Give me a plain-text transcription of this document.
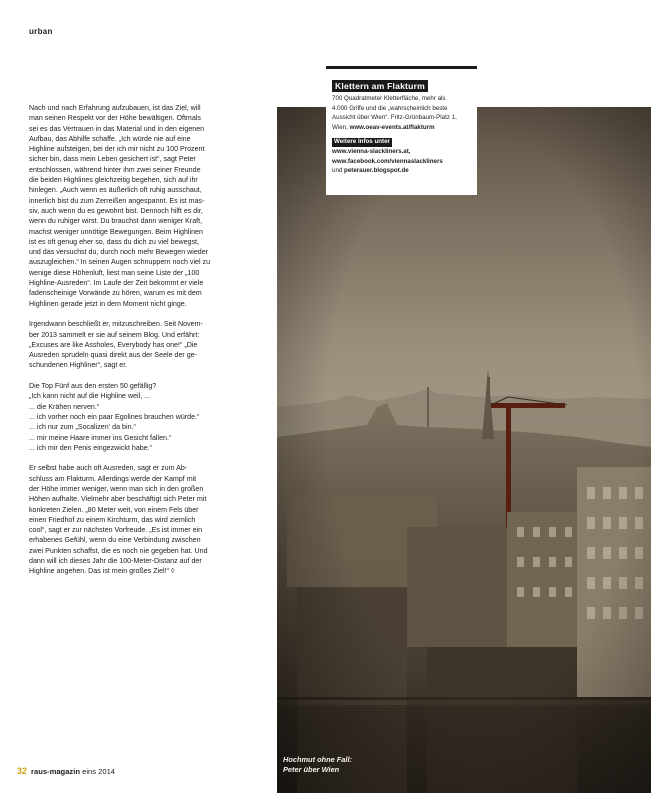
urban

Nach und nach Erfahrung aufzubauen, ist das Ziel, will
man seinen Respekt vor der Höhe bewältigen. Oftmals
sei es das Vertrauen in das Material und in den eigenen
Aufbau, das Abhilfe schaffe. „Ich würde nie auf eine
Highline aufsteigen, bei der ich mir nicht zu 100 Prozent
sicher bin, dass mein Leben gesichert ist“, sagt Peter
entschlossen, während hinter ihm zwei seiner Freunde
die beiden Highlines gleichzeitig begehen, sich auf ihr
hinlegen. „Auch wenn es äußerlich oft ruhig ausschaut,
innerlich bist du zum Zerreißen angespannt. Es ist mas-
siv, auch wenn du es gewohnt bist. Dennoch hilft es dir,
wenn du ruhiger wirst. Du brauchst dann weniger Kraft,
machst weniger unnötige Bewegungen. Beim Highlinen
ist es oft genug eher so, dass du dich zu viel bewegst,
und das versuchst du, durch noch mehr Bewegen wieder
auszugleichen.“ In seinen Augen schnuppern noch viel zu
wenige diese Höhenluft, liest man seine Liste der „100
Highline-Ausreden“. Im Laufe der Zeit bekommt er viele
fadenscheinige Vorwände zu hören, warum es mit dem
Highlinen gerade jetzt in dem Moment nicht ginge.

Irgendwann beschließt er, mitzuschreiben. Seit Novem-
ber 2013 sammelt er sie auf seinem Blog. Und erfährt:
„Excuses are like Assholes, Everybody has one!“ „Die
Ausreden sprudeln quasi direkt aus der Seele der ge-
schundenen Highliner“, sagt er.

Die Top Fünf aus den ersten 50 gefällig?
„Ich kann nicht auf die Highline weil, ...
... die Krähen nerven.“
... ich vorher noch ein paar Egolines brauchen würde.“
... ich nur zum „Socalizen‘ da bin.“
... mir meine Haare immer ins Gesicht fallen.“
... ich mir den Penis eingezwickt habe.“

Er selbst habe auch oft Ausreden, sagt er zum Ab-
schluss am Flakturm. Allerdings werde der Kampf mit
der Höhe immer weniger, wenn man sich in den großen
Höhen aufhalte. Vielmehr aber beschäftigt sich Peter mit
konkreten Zielen. „80 Meter weit, von einem Fels über
einen Friedhof zu einem Kirchturm, das wird ziemlich
cool“, sagt er zur nächsten Vorfreude. „Es ist immer ein
erhabenes Gefühl, wenn du eine Verbindung zwischen
zwei Punkten schaffst, die es noch nie gegeben hat. Und
dann will ich dieses Jahr die 100-Meter-Distanz auf der
Highline angehen. Das ist mein großes Ziel!“ ◊

Hochmut ohne Fall:
Peter über Wien
Klettern am Flakturm
700 Quadratmeter Kletterfläche, mehr als
4.000 Griffe und die „wahrscheinlich beste
Aussicht über Wien“. Fritz-Grünbaum-Platz 1,
Wien, www.oeav-events.at/flakturm
Weitere Infos unter
www.vienna-slackliners.at,
www.facebook.com/viennaslackliners
und peterauer.blogspot.de
32 raus-magazin eins 2014
